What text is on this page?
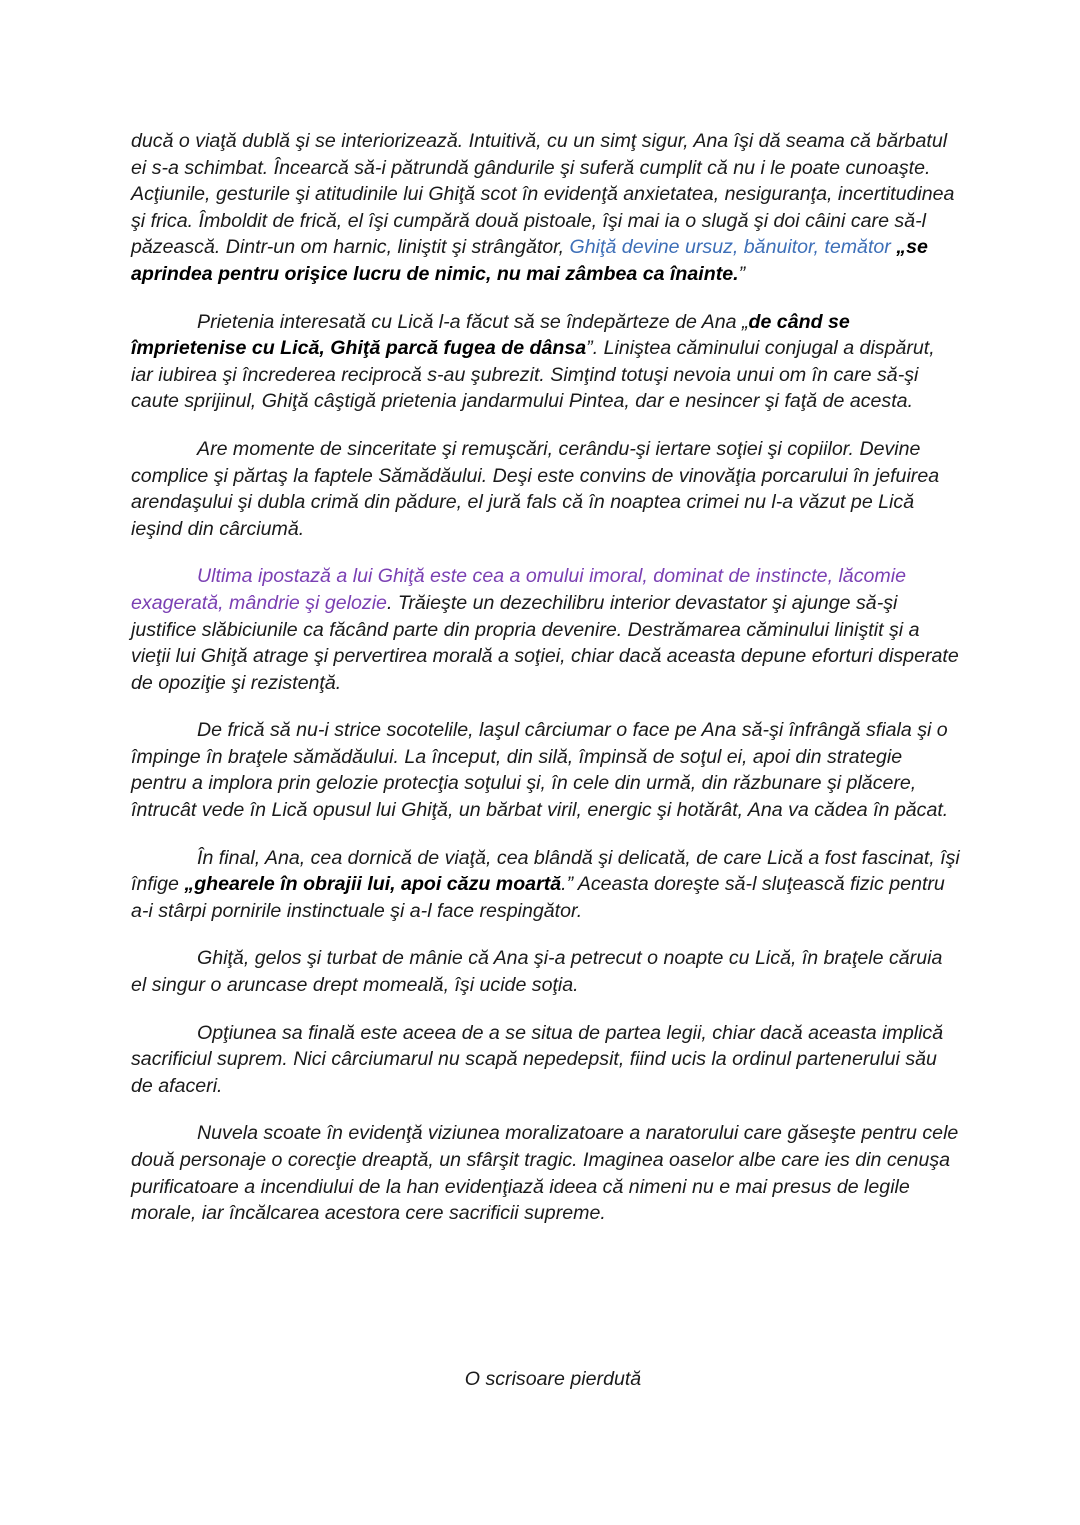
ducă o viaţă dublă şi se interiorizează. Intuitivă, cu un simţ sigur, Ana îşi dă seama că bărbatul ei s-a schimbat. Încearcă să-i pătrundă gândurile şi suferă cumplit că nu i le poate cunoaşte. Acţiunile, gesturile şi atitudinile lui Ghiţă scot în evidenţă anxietatea, nesiguranţa, incertitudinea şi frica. Îmboldit de frică, el îşi cumpără două pistoale, îşi mai ia o slugă şi doi câini care să-l păzească. Dintr-un om harnic, liniştit şi strângător, Ghiţă devine ursuz, bănuitor, temător „se aprindea pentru orişice lucru de nimic, nu mai zâmbea ca înainte.”

Prietenia interesată cu Lică l-a făcut să se îndepărteze de Ana „de când se împrietenise cu Lică, Ghiţă parcă fugea de dânsa”. Liniştea căminului conjugal a dispărut, iar iubirea şi încrederea reciprocă s-au şubrezit. Simţind totuşi nevoia unui om în care să-şi caute sprijinul, Ghiţă câştigă prietenia jandarmului Pintea, dar e nesincer şi faţă de acesta.

Are momente de sinceritate şi remuşcări, cerându-şi iertare soţiei şi copiilor. Devine complice şi părtaş la faptele Sămădăului. Deşi este convins de vinovăţia porcarului în jefuirea arendaşului şi dubla crimă din pădure, el jură fals că în noaptea crimei nu l-a văzut pe Lică ieşind din cârciumă.

Ultima ipostază a lui Ghiţă este cea a omului imoral, dominat de instincte, lăcomie exagerată, mândrie şi gelozie. Trăieşte un dezechilibru interior devastator şi ajunge să-şi justifice slăbiciunile ca făcând parte din propria devenire. Destrămarea căminului liniştit şi a vieţii lui Ghiţă atrage şi pervertirea morală a soţiei, chiar dacă aceasta depune eforturi disperate de opoziţie şi rezistenţă.

De frică să nu-i strice socotelile, laşul cârciumar o face pe Ana să-şi înfrângă sfiala şi o împinge în braţele sămădăului. La început, din silă, împinsă de soţul ei, apoi din strategie pentru a implora prin gelozie protecţia soţului şi, în cele din urmă, din răzbunare şi plăcere, întrucât vede în Lică opusul lui Ghiţă, un bărbat viril, energic şi hotărât, Ana va cădea în păcat.

În final, Ana, cea dornică de viaţă, cea blândă şi delicată, de care Lică a fost fascinat, îşi înfige „ghearele în obrajii lui, apoi căzu moartă.” Aceasta doreşte să-l sluţească fizic pentru a-i stârpi pornirile instinctuale şi a-l face respingător.

Ghiţă, gelos şi turbat de mânie că Ana şi-a petrecut o noapte cu Lică, în braţele căruia el singur o aruncase drept momeală, îşi ucide soţia.

Opţiunea sa finală este aceea de a se situa de partea legii, chiar dacă aceasta implică sacrificiul suprem. Nici cârciumarul nu scapă nepedepsit, fiind ucis la ordinul partenerului său de afaceri.

Nuvela scoate în evidenţă viziunea moralizatoare a naratorului care găseşte pentru cele două personaje o corecţie dreaptă, un sfârşit tragic. Imaginea oaselor albe care ies din cenuşa purificatoare a incendiului de la han evidenţiază ideea că nimeni nu e mai presus de legile morale, iar încălcarea acestora cere sacrificii supreme.

O scrisoare pierdută
